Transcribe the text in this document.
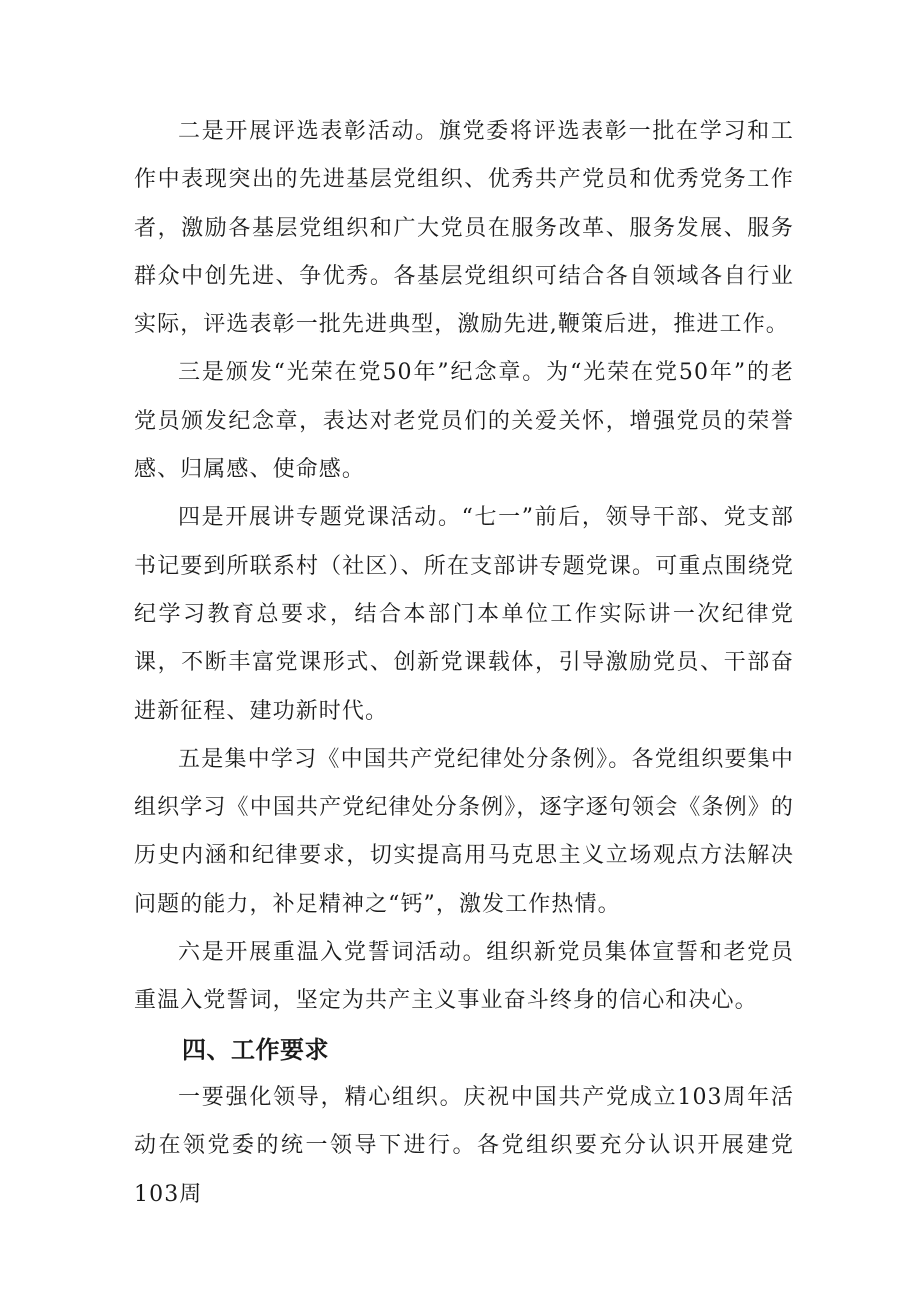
二是开展评选表彰活动。旗党委将评选表彰一批在学习和工作中表现突出的先进基层党组织、优秀共产党员和优秀党务工作者，激励各基层党组织和广大党员在服务改革、服务发展、服务群众中创先进、争优秀。各基层党组织可结合各自领域各自行业实际，评选表彰一批先进典型，激励先进,鞭策后进，推进工作。

三是颁发“光荣在党50年”纪念章。为“光荣在党50年”的老党员颁发纪念章，表达对老党员们的关爱关怀，增强党员的荣誉感、归属感、使命感。

四是开展讲专题党课活动。“七一”前后，领导干部、党支部书记要到所联系村（社区）、所在支部讲专题党课。可重点围绕党纪学习教育总要求，结合本部门本单位工作实际讲一次纪律党课，不断丰富党课形式、创新党课载体，引导激励党员、干部奋进新征程、建功新时代。

五是集中学习《中国共产党纪律处分条例》。各党组织要集中组织学习《中国共产党纪律处分条例》，逐字逐句领会《条例》的历史内涵和纪律要求，切实提高用马克思主义立场观点方法解决问题的能力，补足精神之“钙”，激发工作热情。

六是开展重温入党誓词活动。组织新党员集体宣誓和老党员重温入党誓词，坚定为共产主义事业奋斗终身的信心和决心。

四、工作要求

一要强化领导，精心组织。庆祝中国共产党成立103周年活动在领党委的统一领导下进行。各党组织要充分认识开展建党103周
